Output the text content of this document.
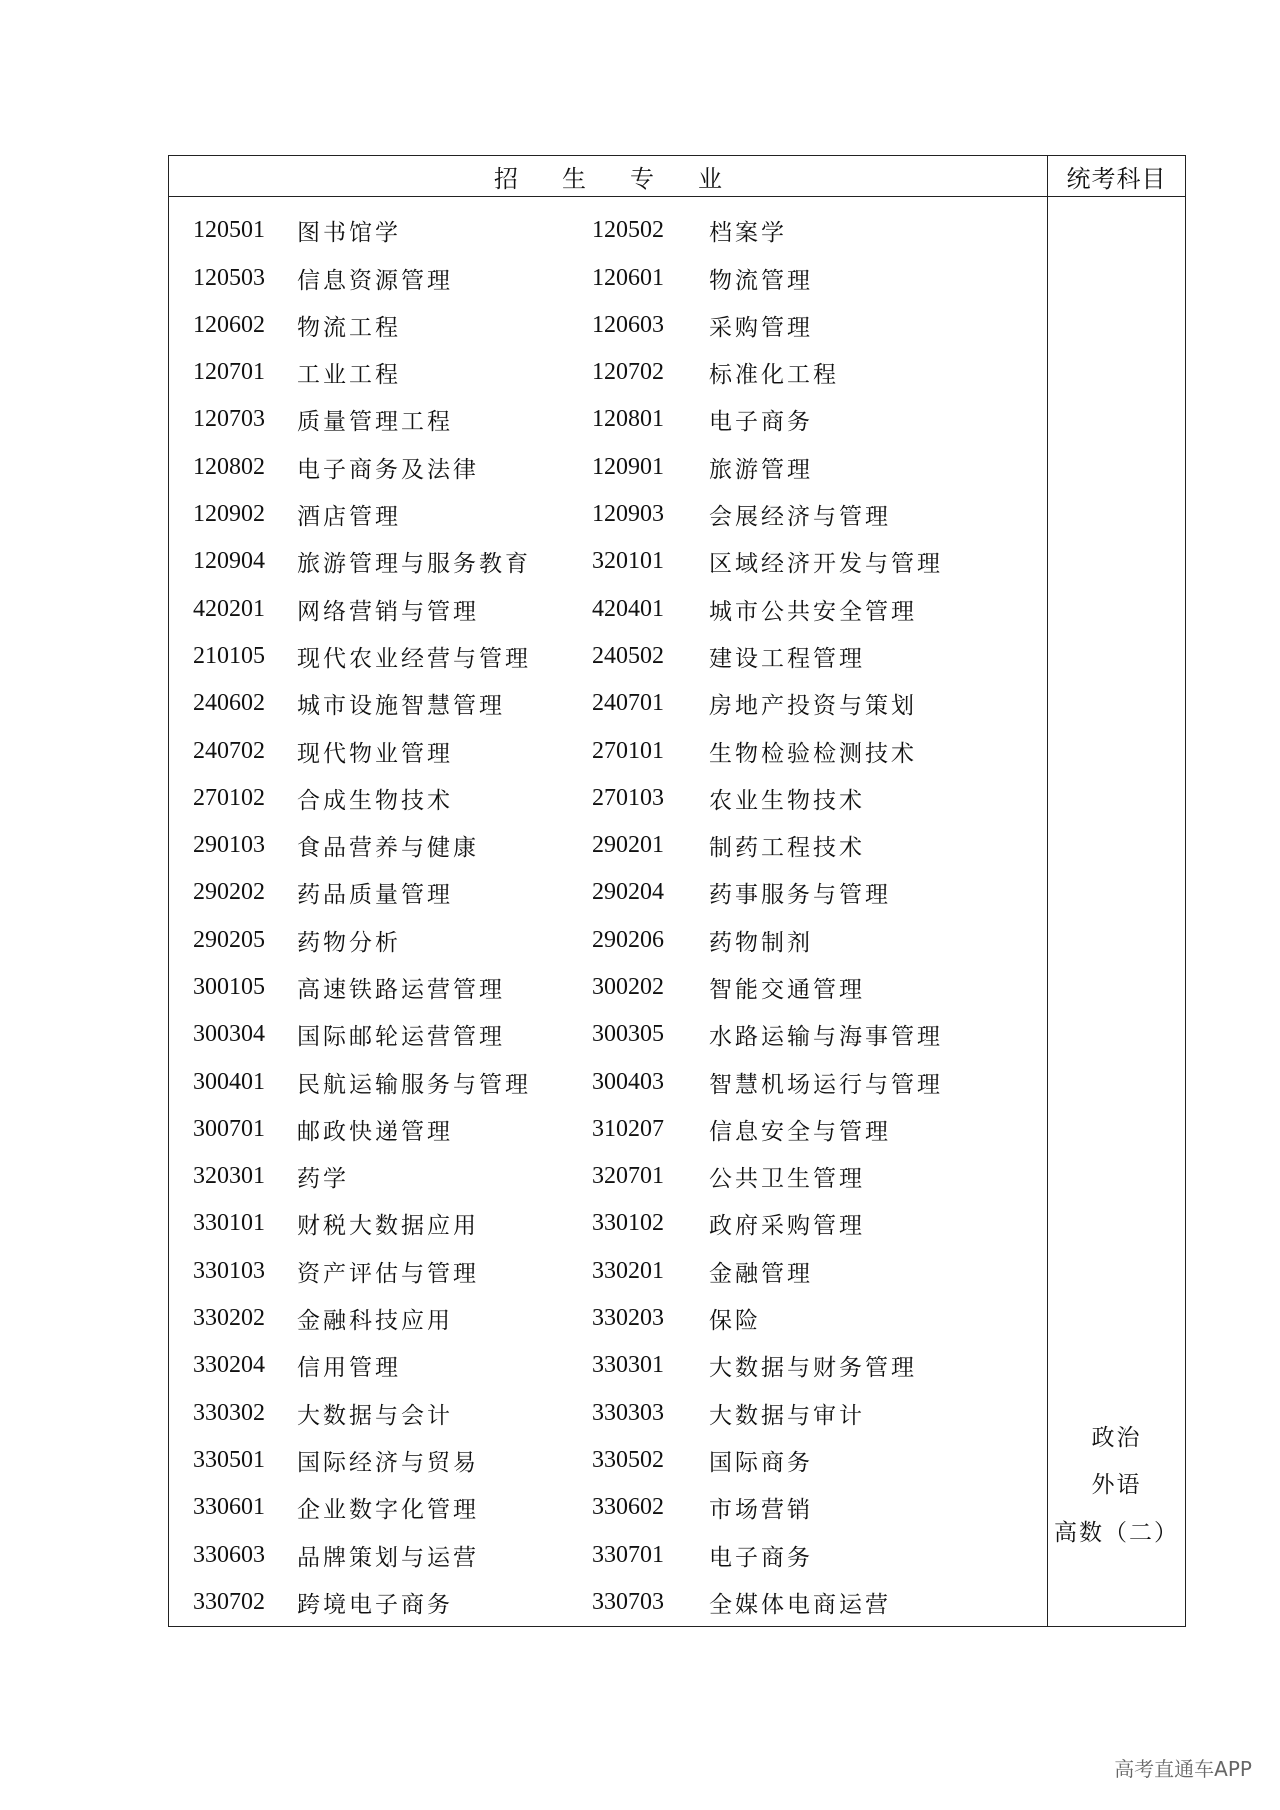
招生专业	统考科目
120501	图书馆学	120502	档案学
120503	信息资源管理	120601	物流管理
120602	物流工程	120603	采购管理
120701	工业工程	120702	标准化工程
120703	质量管理工程	120801	电子商务
120802	电子商务及法律	120901	旅游管理
120902	酒店管理	120903	会展经济与管理
120904	旅游管理与服务教育	320101	区域经济开发与管理
420201	网络营销与管理	420401	城市公共安全管理
210105	现代农业经营与管理	240502	建设工程管理
240602	城市设施智慧管理	240701	房地产投资与策划
240702	现代物业管理	270101	生物检验检测技术
270102	合成生物技术	270103	农业生物技术
290103	食品营养与健康	290201	制药工程技术
290202	药品质量管理	290204	药事服务与管理
290205	药物分析	290206	药物制剂
300105	高速铁路运营管理	300202	智能交通管理
300304	国际邮轮运营管理	300305	水路运输与海事管理
300401	民航运输服务与管理	300403	智慧机场运行与管理
300701	邮政快递管理	310207	信息安全与管理
320301	药学	320701	公共卫生管理
330101	财税大数据应用	330102	政府采购管理
330103	资产评估与管理	330201	金融管理
330202	金融科技应用	330203	保险
330204	信用管理	330301	大数据与财务管理
330302	大数据与会计	330303	大数据与审计
330501	国际经济与贸易	330502	国际商务
330601	企业数字化管理	330602	市场营销
330603	品牌策划与运营	330701	电子商务
330702	跨境电子商务	330703	全媒体电商运营
政治
外语
高数（二）
高考直通车APP
